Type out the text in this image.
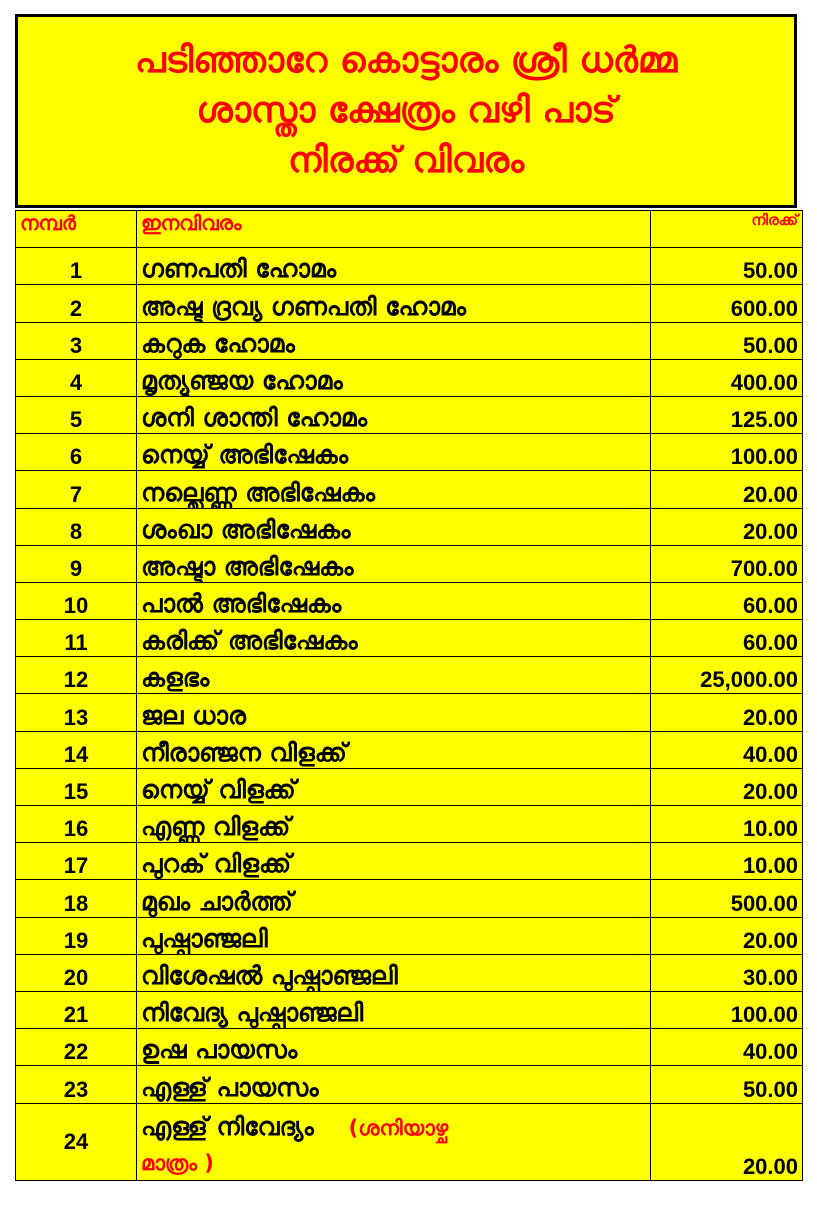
പടിഞ്ഞാറേ കൊട്ടാരം ശ്രീ ധർമ്മ
ശാസ്താ ക്ഷേത്രം വഴി പാട്
നിരക്ക് വിവരം
നമ്പർ	ഇനവിവരം	നിരക്ക്
1	ഗണപതി ഹോമം	50.00
2	അഷ്ട ദ്രവ്യ ഗണപതി ഹോമം	600.00
3	കറുക ഹോമം	50.00
4	മൃത്യുഞ്ജയ ഹോമം	400.00
5	ശനി ശാന്തി ഹോമം	125.00
6	നെയ്യ് അഭിഷേകം	100.00
7	നല്ലെണ്ണ അഭിഷേകം	20.00
8	ശംഖാ അഭിഷേകം	20.00
9	അഷ്ടാ അഭിഷേകം	700.00
10	പാൽ അഭിഷേകം	60.00
11	കരിക്ക് അഭിഷേകം	60.00
12	കളഭം	25,000.00
13	ജല ധാര	20.00
14	നീരാഞ്ജന വിളക്ക്	40.00
15	നെയ്യ് വിളക്ക്	20.00
16	എണ്ണ വിളക്ക്	10.00
17	പുറക് വിളക്ക്	10.00
18	മുഖം ചാർത്ത്	500.00
19	പുഷ്പാഞ്ജലി	20.00
20	വിശേഷൽ പുഷ്പാഞ്ജലി	30.00
21	നിവേദ്യ പുഷ്പാഞ്ജലി	100.00
22	ഉഷ പായസം	40.00
23	എള്ള് പായസം	50.00
24	എള്ള് നിവേദ്യം (ശനിയാഴ്ച
മാത്രം )	20.00
